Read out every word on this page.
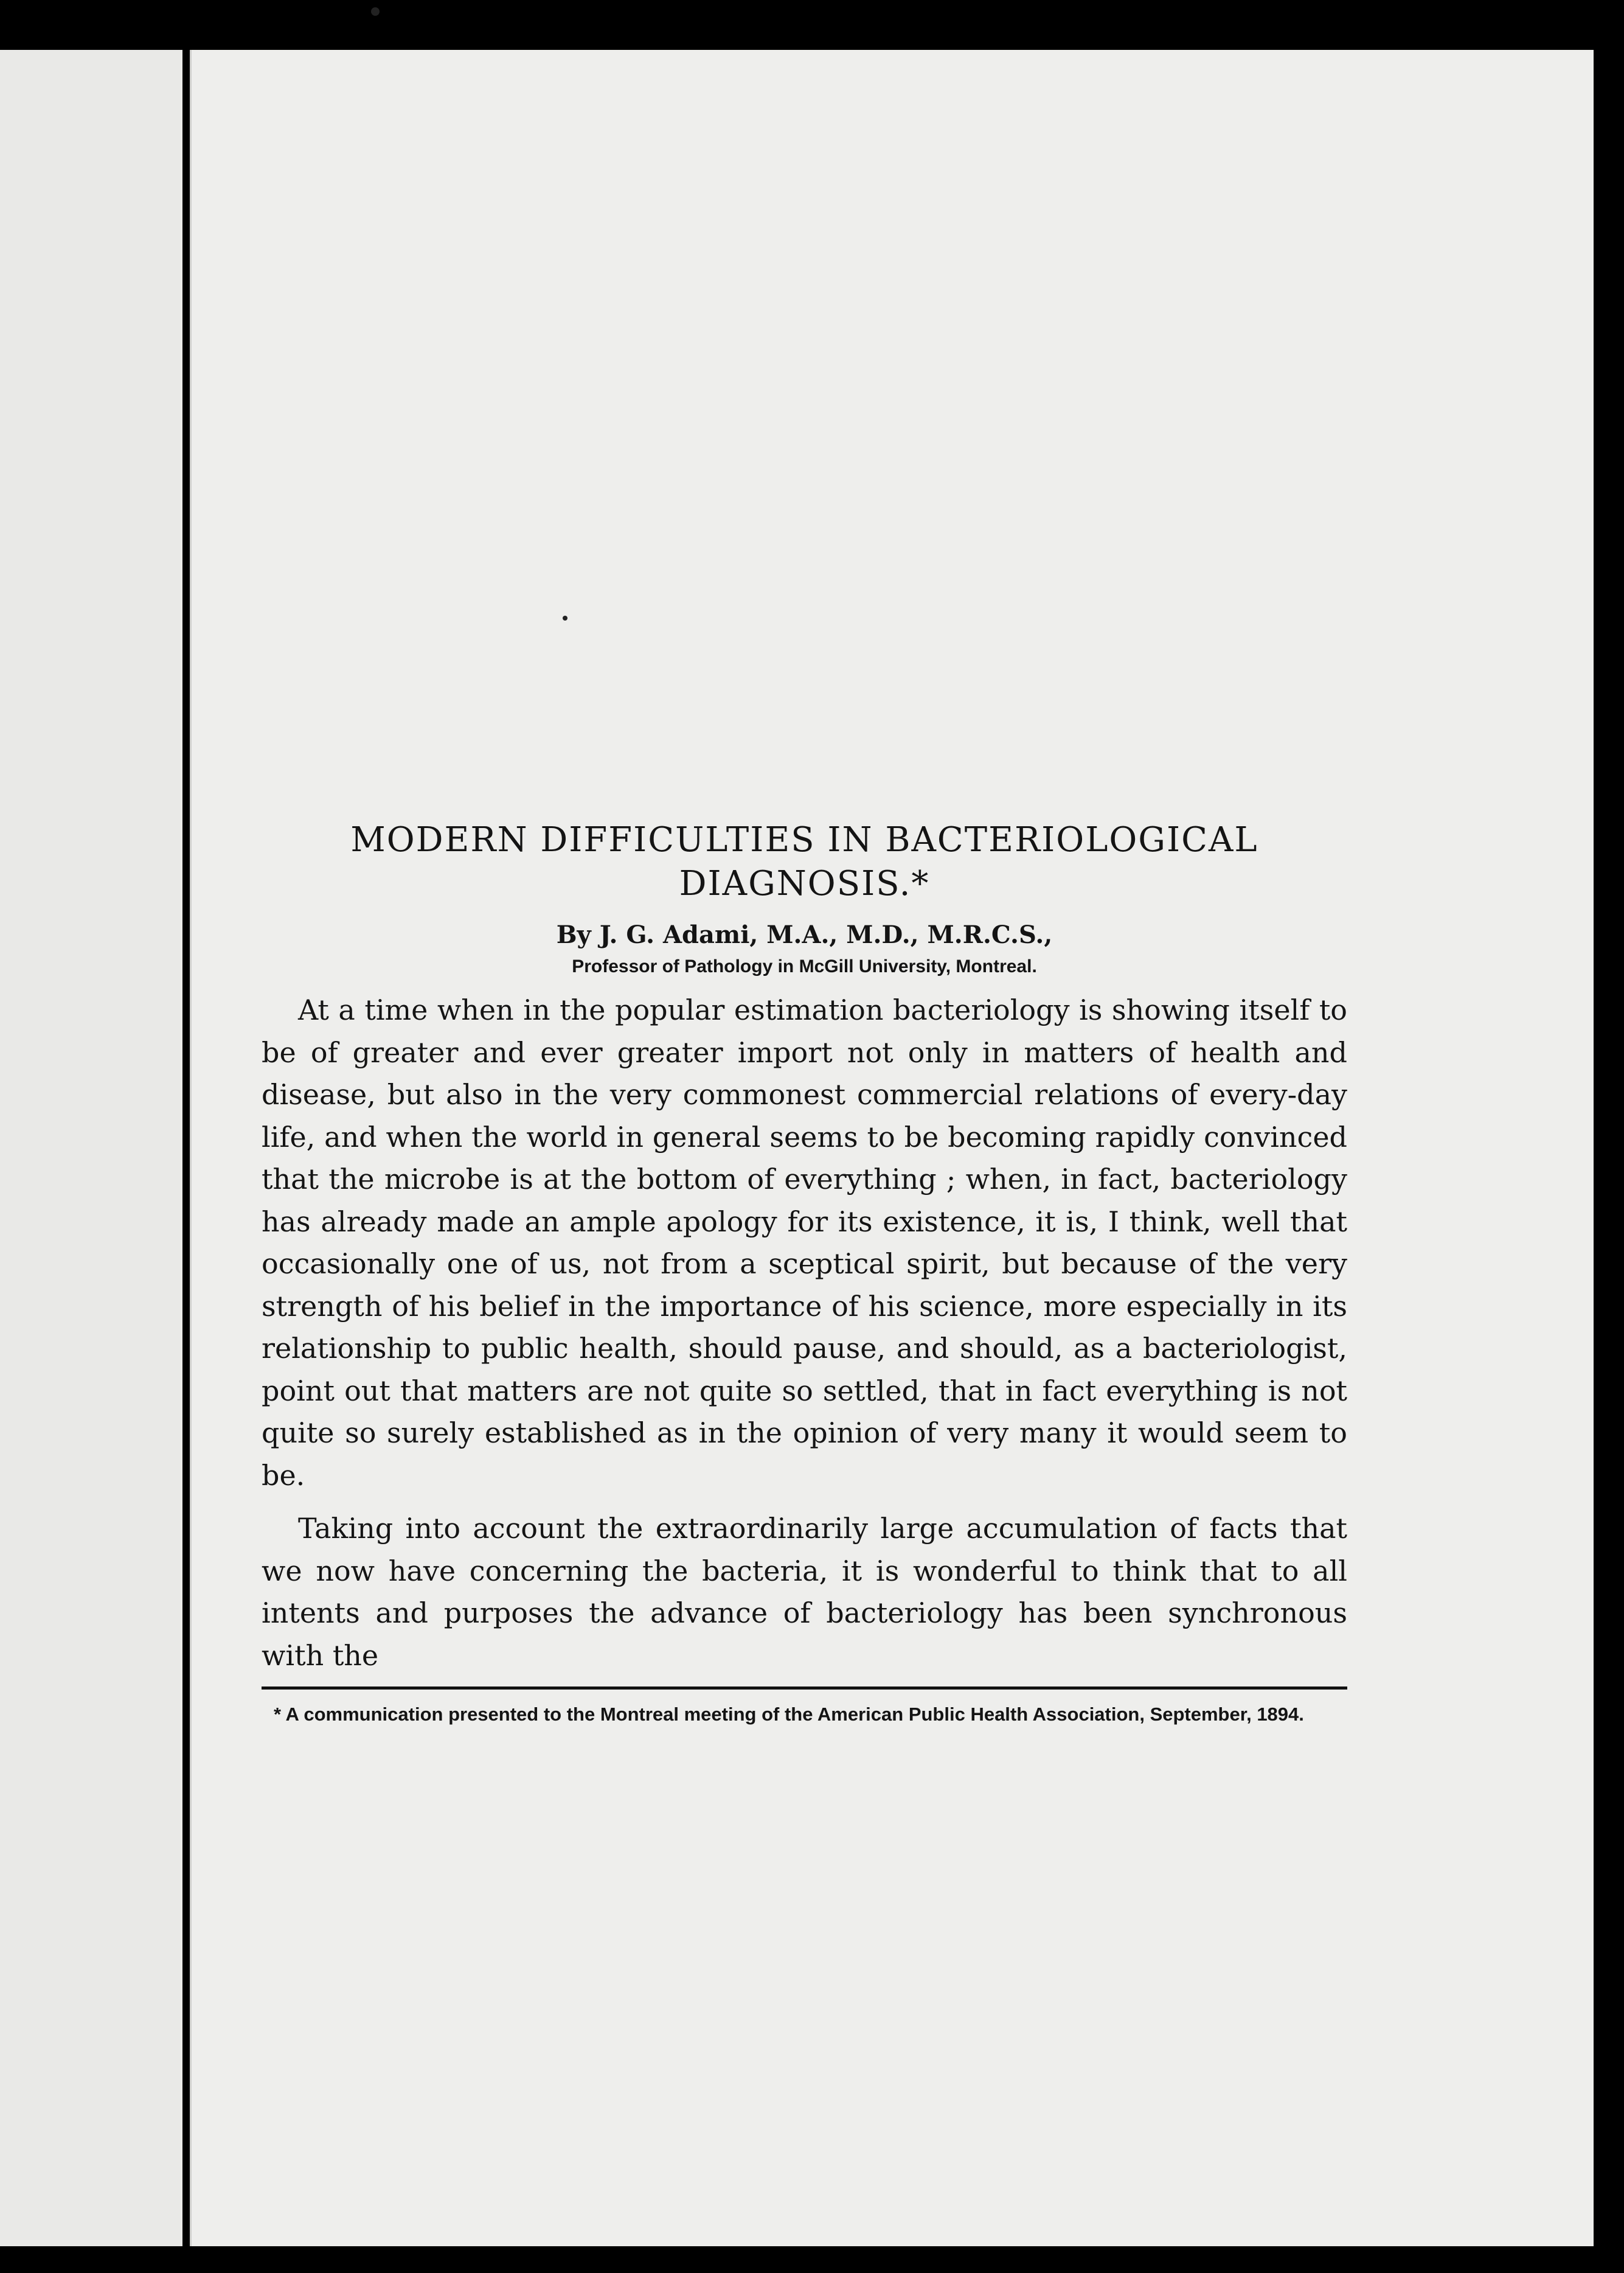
MODERN DIFFICULTIES IN BACTERIOLOGICAL DIAGNOSIS.*
By J. G. Adami, M.A., M.D., M.R.C.S.,
Professor of Pathology in McGill University, Montreal.

At a time when in the popular estimation bacteriology is showing itself to be of greater and ever greater import not only in matters of health and disease, but also in the very commonest commercial relations of every-day life, and when the world in general seems to be becoming rapidly convinced that the microbe is at the bottom of everything ; when, in fact, bacteriology has already made an ample apology for its existence, it is, I think, well that occasionally one of us, not from a sceptical spirit, but because of the very strength of his belief in the importance of his science, more especially in its relationship to public health, should pause, and should, as a bacteriologist, point out that matters are not quite so settled, that in fact everything is not quite so surely established as in the opinion of very many it would seem to be.

Taking into account the extraordinarily large accumulation of facts that we now have concerning the bacteria, it is wonderful to think that to all intents and purposes the advance of bacteriology has been synchronous with the

* A communication presented to the Montreal meeting of the American Public Health Association, September, 1894.
